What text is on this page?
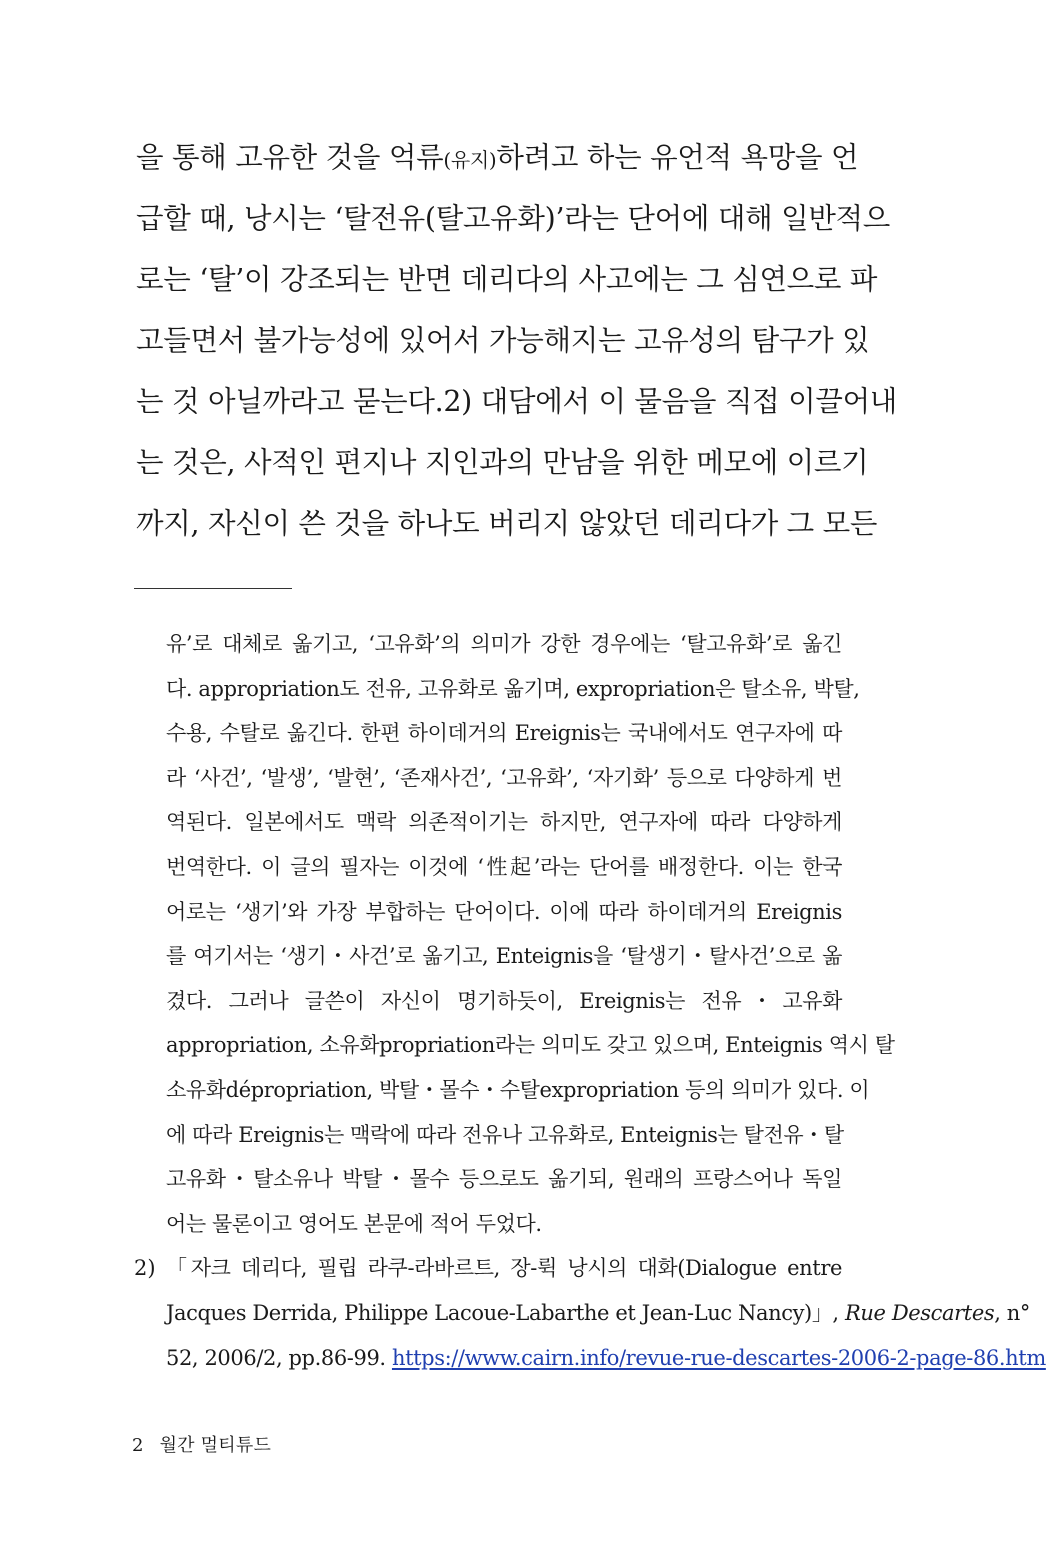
을 통해 고유한 것을 억류(유지)하려고 하는 유언적 욕망을 언
급할 때, 낭시는 ‘탈전유(탈고유화)’라는 단어에 대해 일반적으
로는 ‘탈’이 강조되는 반면 데리다의 사고에는 그 심연으로 파
고들면서 불가능성에 있어서 가능해지는 고유성의 탐구가 있
는 것 아닐까라고 묻는다.2) 대담에서 이 물음을 직접 이끌어내
는 것은, 사적인 편지나 지인과의 만남을 위한 메모에 이르기
까지, 자신이 쓴 것을 하나도 버리지 않았던 데리다가 그 모든
유’로 대체로 옮기고, ‘고유화’의 의미가 강한 경우에는 ‘탈고유화’로 옮긴
다. appropriation도 전유, 고유화로 옮기며, expropriation은 탈소유, 박탈,
수용, 수탈로 옮긴다. 한편 하이데거의 Ereignis는 국내에서도 연구자에 따
라 ‘사건’, ‘발생’, ‘발현’, ‘존재사건’, ‘고유화’, ‘자기화’ 등으로 다양하게 번
역된다. 일본에서도 맥락 의존적이기는 하지만, 연구자에 따라 다양하게
번역한다. 이 글의 필자는 이것에 ‘性起’라는 단어를 배정한다. 이는 한국
어로는 ‘생기’와 가장 부합하는 단어이다. 이에 따라 하이데거의 Ereignis
를 여기서는 ‘생기・사건’로 옮기고, Enteignis을 ‘탈생기・탈사건’으로 옮
겼다. 그러나 글쓴이 자신이 명기하듯이, Ereignis는 전유・고유화
appropriation, 소유화propriation라는 의미도 갖고 있으며, Enteignis 역시 탈
소유화dépropriation, 박탈・몰수・수탈expropriation 등의 의미가 있다. 이
에 따라 Ereignis는 맥락에 따라 전유나 고유화로, Enteignis는 탈전유・탈
고유화・탈소유나 박탈・몰수 등으로도 옮기되, 원래의 프랑스어나 독일
어는 물론이고 영어도 본문에 적어 두었다.
2) 「자크 데리다, 필립 라쿠-라바르트, 장-뤽 낭시의 대화(Dialogue entre
Jacques Derrida, Philippe Lacoue-Labarthe et Jean-Luc Nancy)」, Rue Descartes, n°
52, 2006/2, pp.86-99. https://www.cairn.info/revue-rue-descartes-2006-2-page-86.htm
2 월간 멀티튜드
